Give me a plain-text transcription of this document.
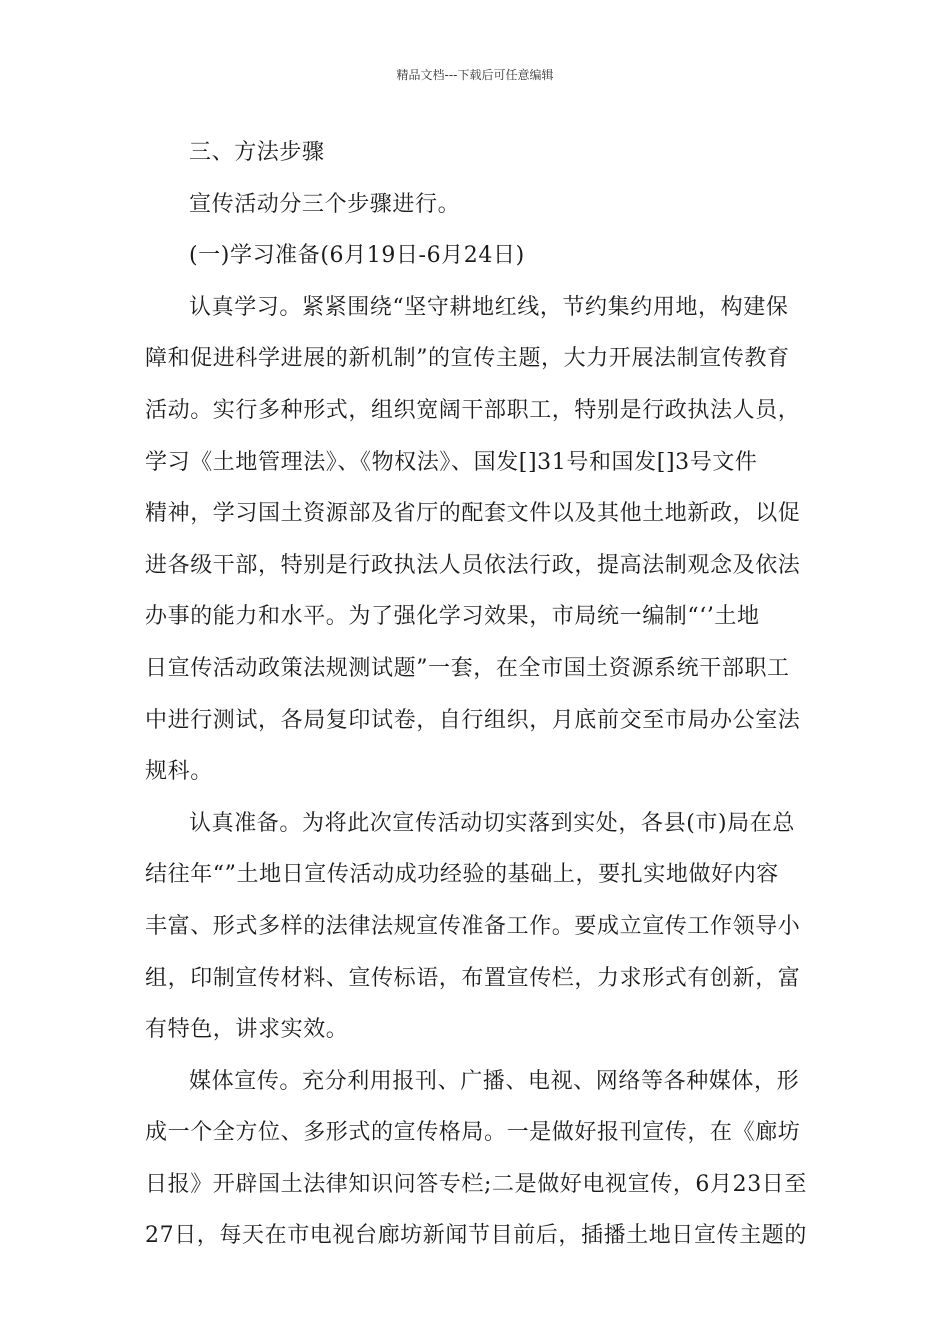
精品文档---下载后可任意编辑
三、方法步骤
宣传活动分三个步骤进行。
(一)学习准备(6月19日-6月24日)
认真学习。紧紧围绕“坚守耕地红线，节约集约用地，构建保
障和促进科学进展的新机制”的宣传主题，大力开展法制宣传教育
活动。实行多种形式，组织宽阔干部职工，特别是行政执法人员，
学习《土地管理法》、《物权法》、国发[]31号和国发[]3号文件
精神，学习国土资源部及省厅的配套文件以及其他土地新政，以促
进各级干部，特别是行政执法人员依法行政，提高法制观念及依法
办事的能力和水平。为了强化学习效果，市局统一编制“‘’土地
日宣传活动政策法规测试题”一套，在全市国土资源系统干部职工
中进行测试，各局复印试卷，自行组织，月底前交至市局办公室法
规科。
认真准备。为将此次宣传活动切实落到实处，各县(市)局在总
结往年“”土地日宣传活动成功经验的基础上，要扎实地做好内容
丰富、形式多样的法律法规宣传准备工作。要成立宣传工作领导小
组，印制宣传材料、宣传标语，布置宣传栏，力求形式有创新，富
有特色，讲求实效。
媒体宣传。充分利用报刊、广播、电视、网络等各种媒体，形
成一个全方位、多形式的宣传格局。一是做好报刊宣传，在《廊坊
日报》开辟国土法律知识问答专栏;二是做好电视宣传，6月23日至
27日，每天在市电视台廊坊新闻节目前后，插播土地日宣传主题的
